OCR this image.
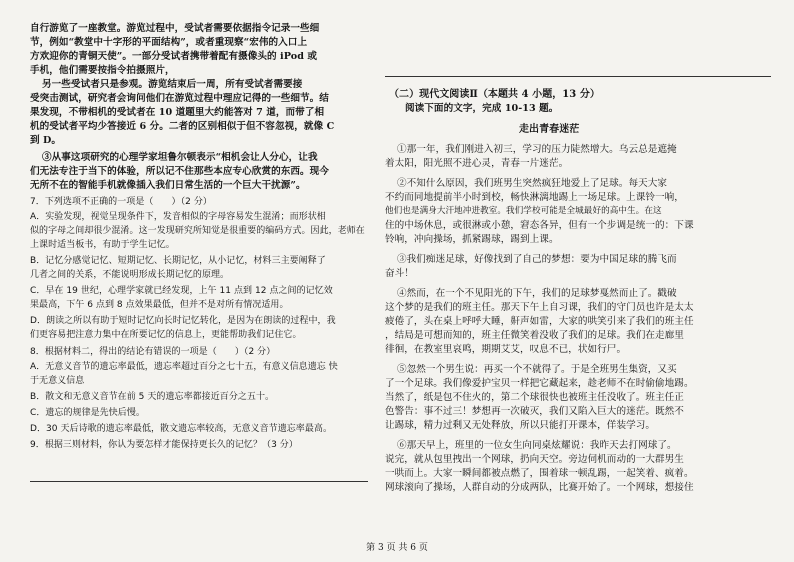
自行游览了一座教堂。游览过程中，受试者需要依据指令记录一些细
节，例如“教堂中十字形的平面结构”，或者重现察“宏伟的入口上
方欢迎你的青铜天使”。一部分受试者携带着配有摄像头的 iPod 或
手机，他们需要按指令拍摄照片，
另一些受试者只是参观。游览结束后一周，所有受试者需要接
受突击测试，研究者会询问他们在游览过程中理应记得的一些细节。结
果发现，不带相机的受试者在 10 道题里大约能答对 7 道，而带了相
机的受试者平均少答接近 6 分。二者的区别相似于但不容忽视，就像 C
到 D。
③从事这项研究的心理学家坦鲁尔顿表示“相机会让人分心，让我
们无法专注于当下的体验，所以记不住那些本应专心欣赏的东西。现今
无所不在的智能手机就像插入我们日常生活的一个巨大干扰源”。
7．下列选项不正确的一项是（　　）（2 分）
A．实验发现，视觉呈现条件下，发音相似的字母容易发生混淆；而形状相
似的字母之间却很少混淆。这一发现研究所知觉是很重要的编码方式。因此，老师在
上课时适当板书，有助于学生记忆。
B．记忆分感觉记忆、短期记忆、长期记忆，从小记忆，材料三主要阐释了
几者之间的关系，不能说明形成长期记忆的原理。
C．早在 19 世纪，心理学家就已经发现，上午 11 点到 12 点之间的记忆效
果最高，下午 6 点到 8 点效果最低，但并不是对所有情况适用。
D．朗读之所以有助于短时记忆向长时记忆转化，是因为在朗读的过程中，我
们更容易把注意力集中在所要记忆的信息上，更能帮助我们记住它。
8．根据材料二，得出的结论有错误的一项是（　　）（2 分）
A．无意义音节的遗忘率最低，遗忘率超过百分之七十五，有意义信息遗忘 快
于无意义信息
B．散文和无意义音节在前 5 天的遗忘率都接近百分之五十。
C．遗忘的规律是先快后慢。
D．30 天后诗歌的遗忘率最低，散文遗忘率较高，无意义音节遗忘率最高。
9．根据三则材料，你认为要怎样才能保持更长久的记忆？（3 分）
（二）现代文阅读Ⅱ（本题共 4 小题，13 分）
阅读下面的文字，完成 10-13 题。
走出青春迷茫
①那一年，我们刚进入初三，学习的压力陡然增大。乌云总是遮掩
着太阳，阳光照不进心灵，青春一片迷茫。
②不知什么原因，我们班男生突然疯狂地爱上了足球。每天大家
不约而同地提前半小时到校，畅快淋漓地踢上一场足球。上课铃一响，
他们也是满身大汗地冲进教室。我们学校可能是全城最好的高中生。在这
住的中场休息，或很淋或小憩，窘态各异，但有一个步调是统一的：下课
铃响，冲向操场，抓紧踢球，踢到上课。
③我们痴迷足球，好像找到了自己的梦想：要为中国足球的腾飞而
奋斗！
④然而，在一个不见阳光的下午，我们的足球梦戛然而止了。戳破
这个梦的是我们的班主任。那天下午上自习课，我们的守门员也许是太太
疲倦了，头在桌上呼呼大睡，鼾声如雷，大家的哄笑引来了我们的班主任
，结局是可想而知的，班主任微笑着没收了我们的足球。我们在走廊里
徘徊，在教室里哀鸣，期期艾艾，叹息不已，状如行尸。
⑤忽然一个男生说：再买一个不就得了。于是全班男生集资，又买
了一个足球。我们像爱护宝贝一样把它藏起来，趁老师不在时偷偷地踢。
当然了，纸是包不住火的，第二个球很快也被班主任没收了。班主任正
色警告：事不过三！梦想再一次破灭，我们又陷入巨大的迷茫。既然不
让踢球，精力过剩又无处释放，所以只能打开课本，佯装学习。
⑥那天早上，班里的一位女生向同桌炫耀说：我昨天去打网球了。
说完，就从包里拽出一个网球，扔向天空。旁边伺机而动的一大群男生
一哄而上。大家一瞬间都被点燃了，围着球一顿乱踢，一起笑着、疯着。
网球滚向了操场，人群自动的分成两队，比赛开始了。一个网球，想接住
第 3 页 共 6 页
